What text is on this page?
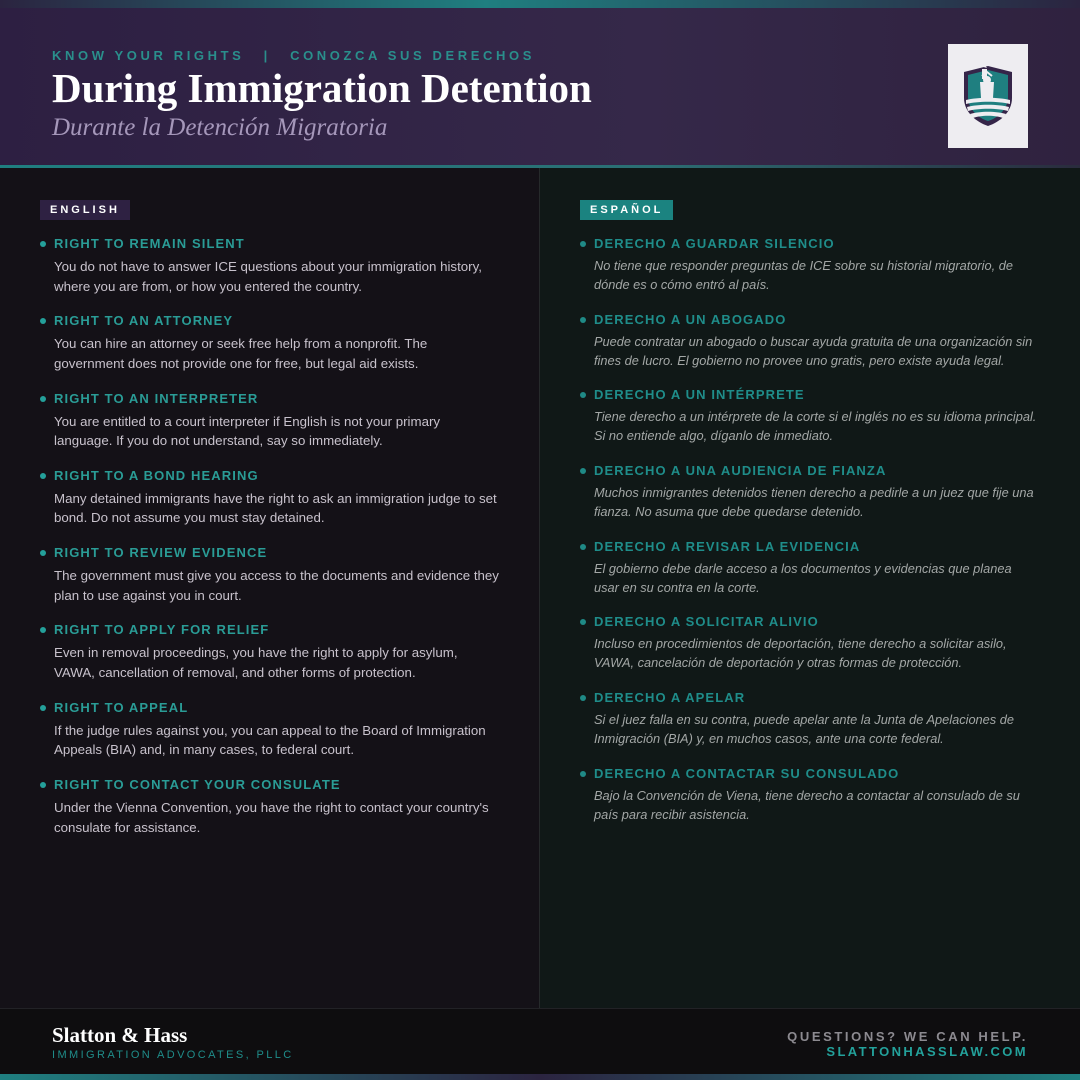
KNOW YOUR RIGHTS | CONOZCA SUS DERECHOS
During Immigration Detention
Durante la Detención Migratoria
ENGLISH
RIGHT TO REMAIN SILENT
You do not have to answer ICE questions about your immigration history, where you are from, or how you entered the country.
RIGHT TO AN ATTORNEY
You can hire an attorney or seek free help from a nonprofit. The government does not provide one for free, but legal aid exists.
RIGHT TO AN INTERPRETER
You are entitled to a court interpreter if English is not your primary language. If you do not understand, say so immediately.
RIGHT TO A BOND HEARING
Many detained immigrants have the right to ask an immigration judge to set bond. Do not assume you must stay detained.
RIGHT TO REVIEW EVIDENCE
The government must give you access to the documents and evidence they plan to use against you in court.
RIGHT TO APPLY FOR RELIEF
Even in removal proceedings, you have the right to apply for asylum, VAWA, cancellation of removal, and other forms of protection.
RIGHT TO APPEAL
If the judge rules against you, you can appeal to the Board of Immigration Appeals (BIA) and, in many cases, to federal court.
RIGHT TO CONTACT YOUR CONSULATE
Under the Vienna Convention, you have the right to contact your country's consulate for assistance.
ESPAÑOL
DERECHO A GUARDAR SILENCIO
No tiene que responder preguntas de ICE sobre su historial migratorio, de dónde es o cómo entró al país.
DERECHO A UN ABOGADO
Puede contratar un abogado o buscar ayuda gratuita de una organización sin fines de lucro. El gobierno no provee uno gratis, pero existe ayuda legal.
DERECHO A UN INTÉRPRETE
Tiene derecho a un intérprete de la corte si el inglés no es su idioma principal. Si no entiende algo, díganlo de inmediato.
DERECHO A UNA AUDIENCIA DE FIANZA
Muchos inmigrantes detenidos tienen derecho a pedirle a un juez que fije una fianza. No asuma que debe quedarse detenido.
DERECHO A REVISAR LA EVIDENCIA
El gobierno debe darle acceso a los documentos y evidencias que planea usar en su contra en la corte.
DERECHO A SOLICITAR ALIVIO
Incluso en procedimientos de deportación, tiene derecho a solicitar asilo, VAWA, cancelación de deportación y otras formas de protección.
DERECHO A APELAR
Si el juez falla en su contra, puede apelar ante la Junta de Apelaciones de Inmigración (BIA) y, en muchos casos, ante una corte federal.
DERECHO A CONTACTAR SU CONSULADO
Bajo la Convención de Viena, tiene derecho a contactar al consulado de su país para recibir asistencia.
Slatton & Hass
IMMIGRATION ADVOCATES, PLLC
QUESTIONS? WE CAN HELP.
SLATTONHASSLAW.COM
